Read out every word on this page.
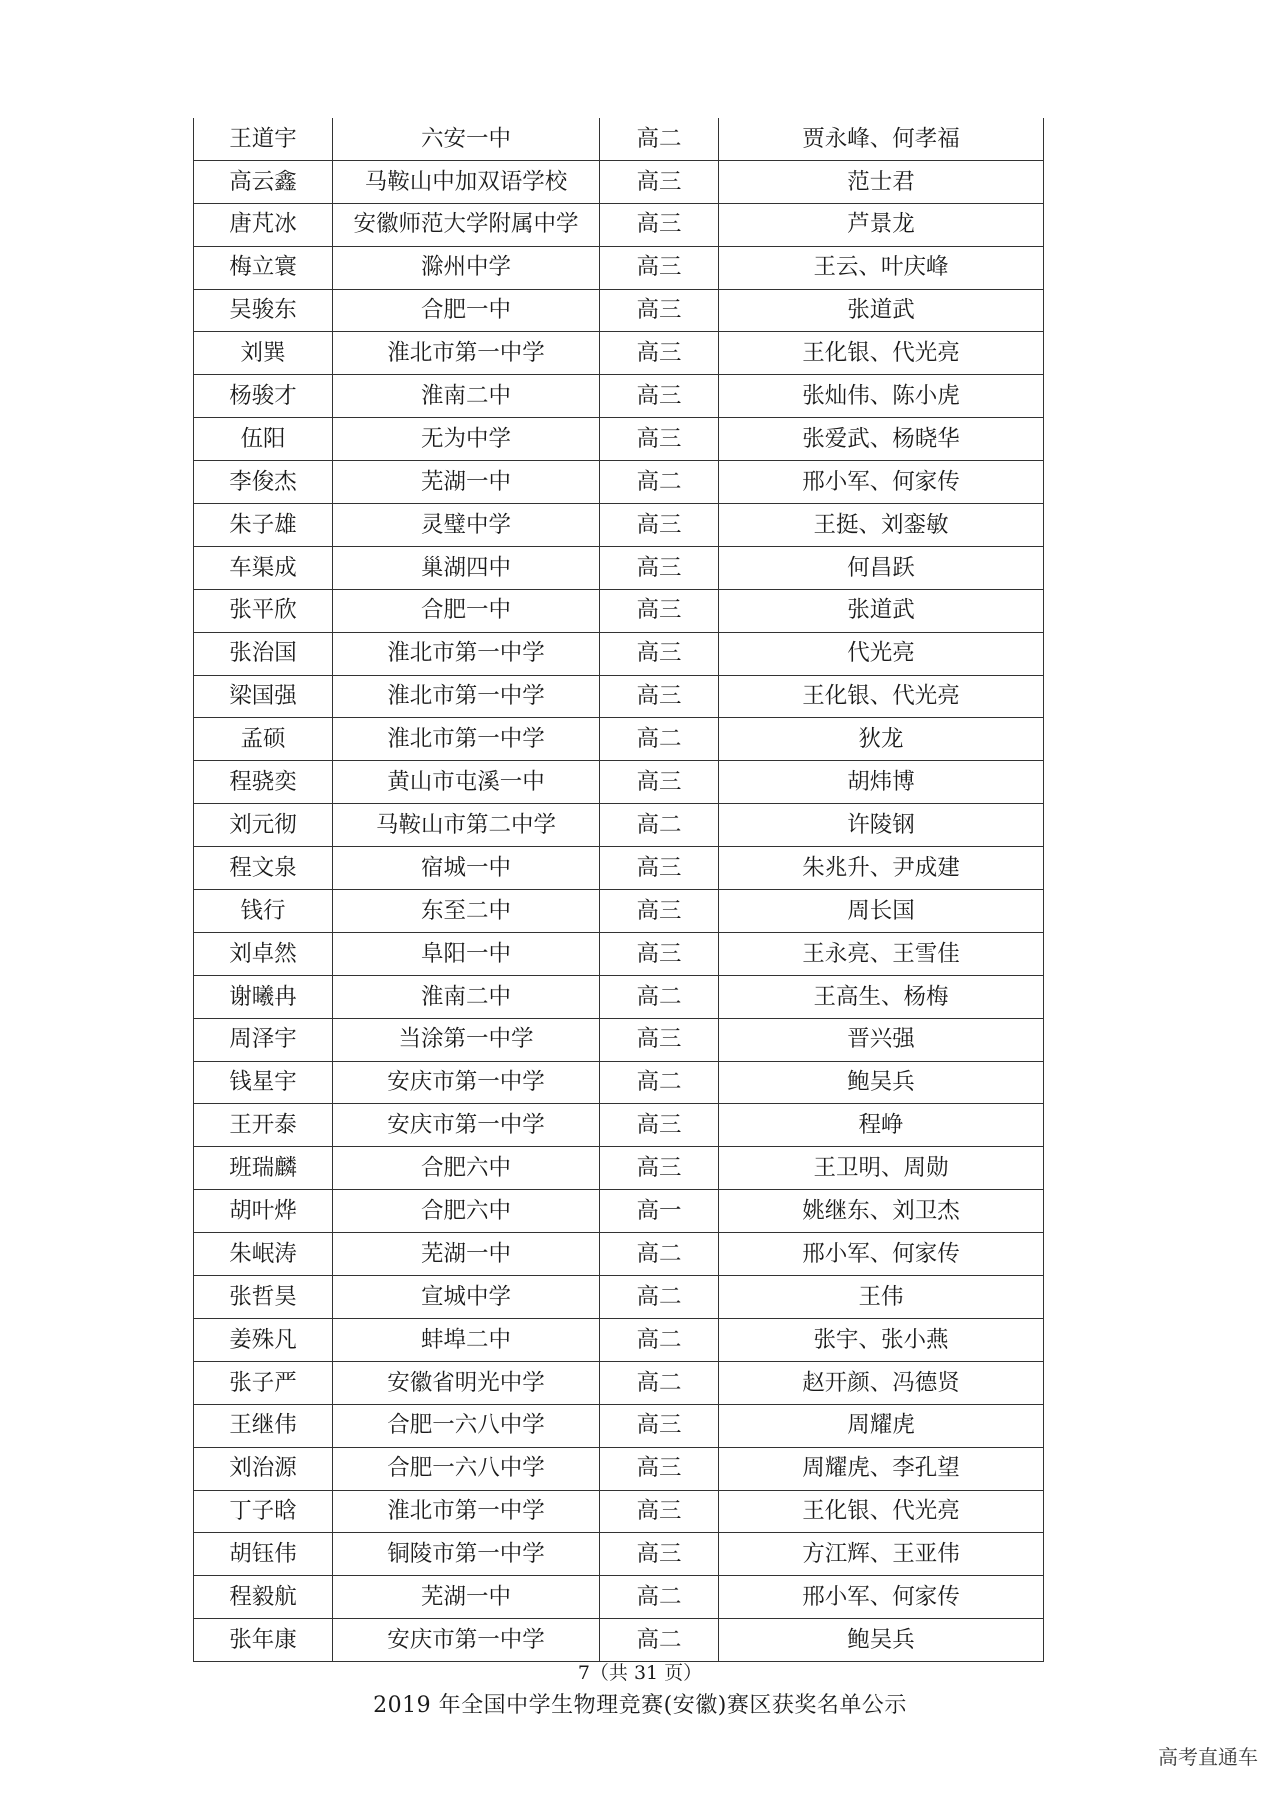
王道宇	六安一中	高二	贾永峰、何孝福
高云鑫	马鞍山中加双语学校	高三	范士君
唐芃冰	安徽师范大学附属中学	高三	芦景龙
梅立寰	滁州中学	高三	王云、叶庆峰
吴骏东	合肥一中	高三	张道武
刘巽	淮北市第一中学	高三	王化银、代光亮
杨骏才	淮南二中	高三	张灿伟、陈小虎
伍阳	无为中学	高三	张爱武、杨晓华
李俊杰	芜湖一中	高二	邢小军、何家传
朱子雄	灵璧中学	高三	王挺、刘銮敏
车渠成	巢湖四中	高三	何昌跃
张平欣	合肥一中	高三	张道武
张治国	淮北市第一中学	高三	代光亮
梁国强	淮北市第一中学	高三	王化银、代光亮
孟硕	淮北市第一中学	高二	狄龙
程骁奕	黄山市屯溪一中	高三	胡炜博
刘元彻	马鞍山市第二中学	高二	许陵钢
程文泉	宿城一中	高三	朱兆升、尹成建
钱行	东至二中	高三	周长国
刘卓然	阜阳一中	高三	王永亮、王雪佳
谢曦冉	淮南二中	高二	王高生、杨梅
周泽宇	当涂第一中学	高三	晋兴强
钱星宇	安庆市第一中学	高二	鲍吴兵
王开泰	安庆市第一中学	高三	程峥
班瑞麟	合肥六中	高三	王卫明、周勋
胡叶烨	合肥六中	高一	姚继东、刘卫杰
朱岷涛	芜湖一中	高二	邢小军、何家传
张哲昊	宣城中学	高二	王伟
姜殊凡	蚌埠二中	高二	张宇、张小燕
张子严	安徽省明光中学	高二	赵开颜、冯德贤
王继伟	合肥一六八中学	高三	周耀虎
刘治源	合肥一六八中学	高三	周耀虎、李孔望
丁子晗	淮北市第一中学	高三	王化银、代光亮
胡钰伟	铜陵市第一中学	高三	方江辉、王亚伟
程毅航	芜湖一中	高二	邢小军、何家传
张年康	安庆市第一中学	高二	鲍吴兵
7（共 31 页）
2019 年全国中学生物理竞赛(安徽)赛区获奖名单公示
高考直通车
